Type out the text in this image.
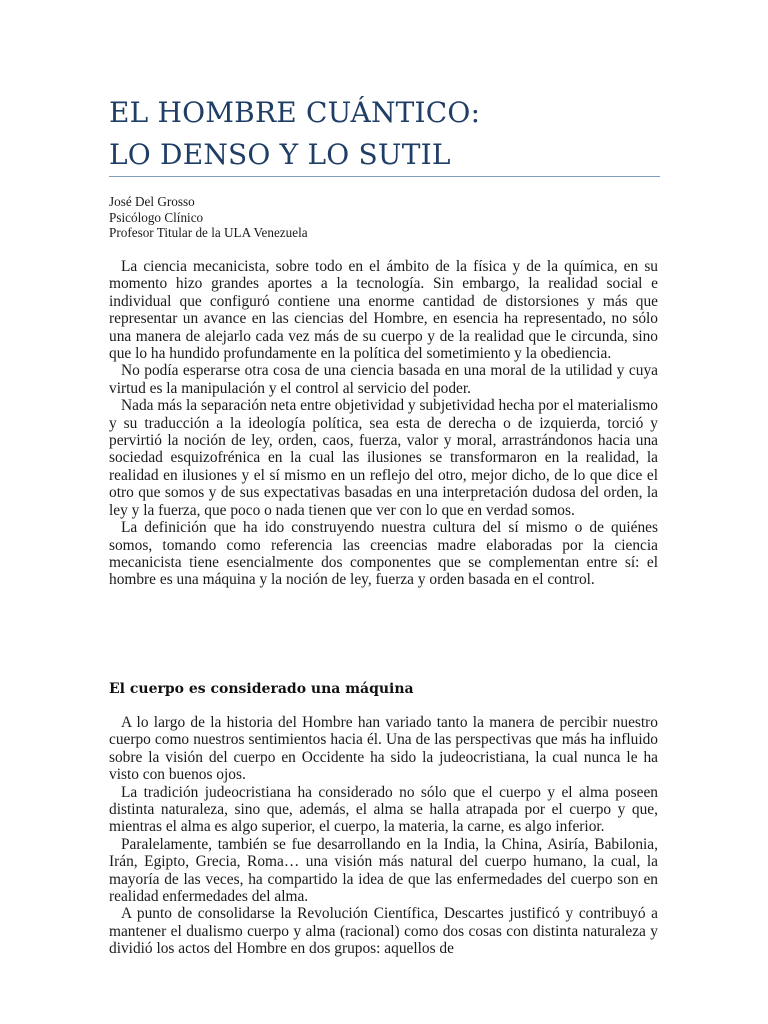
EL HOMBRE CUÁNTICO:
LO DENSO Y LO SUTIL
José Del Grosso
Psicólogo Clínico
Profesor Titular de la ULA Venezuela

La ciencia mecanicista, sobre todo en el ámbito de la física y de la química, en su momento hizo grandes aportes a la tecnología. Sin embargo, la realidad social e individual que configuró contiene una enorme cantidad de distorsiones y más que representar un avance en las ciencias del Hombre, en esencia ha representado, no sólo una manera de alejarlo cada vez más de su cuerpo y de la realidad que le circunda, sino que lo ha hundido profundamente en la política del sometimiento y la obediencia.

No podía esperarse otra cosa de una ciencia basada en una moral de la utilidad y cuya virtud es la manipulación y el control al servicio del poder.

Nada más la separación neta entre objetividad y subjetividad hecha por el materialismo y su traducción a la ideología política, sea esta de derecha o de izquierda, torció y pervirtió la noción de ley, orden, caos, fuerza, valor y moral, arrastrándonos hacia una sociedad esquizofrénica en la cual las ilusiones se transformaron en la realidad, la realidad en ilusiones y el sí mismo en un reflejo del otro, mejor dicho, de lo que dice el otro que somos y de sus expectativas basadas en una interpretación dudosa del orden, la ley y la fuerza, que poco o nada tienen que ver con lo que en verdad somos.

La definición que ha ido construyendo nuestra cultura del sí mismo o de quiénes somos, tomando como referencia las creencias madre elaboradas por la ciencia mecanicista tiene esencialmente dos componentes que se complementan entre sí: el hombre es una máquina y la noción de ley, fuerza y orden basada en el control.

El cuerpo es considerado una máquina

A lo largo de la historia del Hombre han variado tanto la manera de percibir nuestro cuerpo como nuestros sentimientos hacia él. Una de las perspectivas que más ha influido sobre la visión del cuerpo en Occidente ha sido la judeocristiana, la cual nunca le ha visto con buenos ojos.

La tradición judeocristiana ha considerado no sólo que el cuerpo y el alma poseen distinta naturaleza, sino que, además, el alma se halla atrapada por el cuerpo y que, mientras el alma es algo superior, el cuerpo, la materia, la carne, es algo inferior.

Paralelamente, también se fue desarrollando en la India, la China, Asiría, Babilonia, Irán, Egipto, Grecia, Roma… una visión más natural del cuerpo humano, la cual, la mayoría de las veces, ha compartido la idea de que las enfermedades del cuerpo son en realidad enfermedades del alma.

A punto de consolidarse la Revolución Científica, Descartes justificó y contribuyó a mantener el dualismo cuerpo y alma (racional) como dos cosas con distinta naturaleza y dividió los actos del Hombre en dos grupos: aquellos de
